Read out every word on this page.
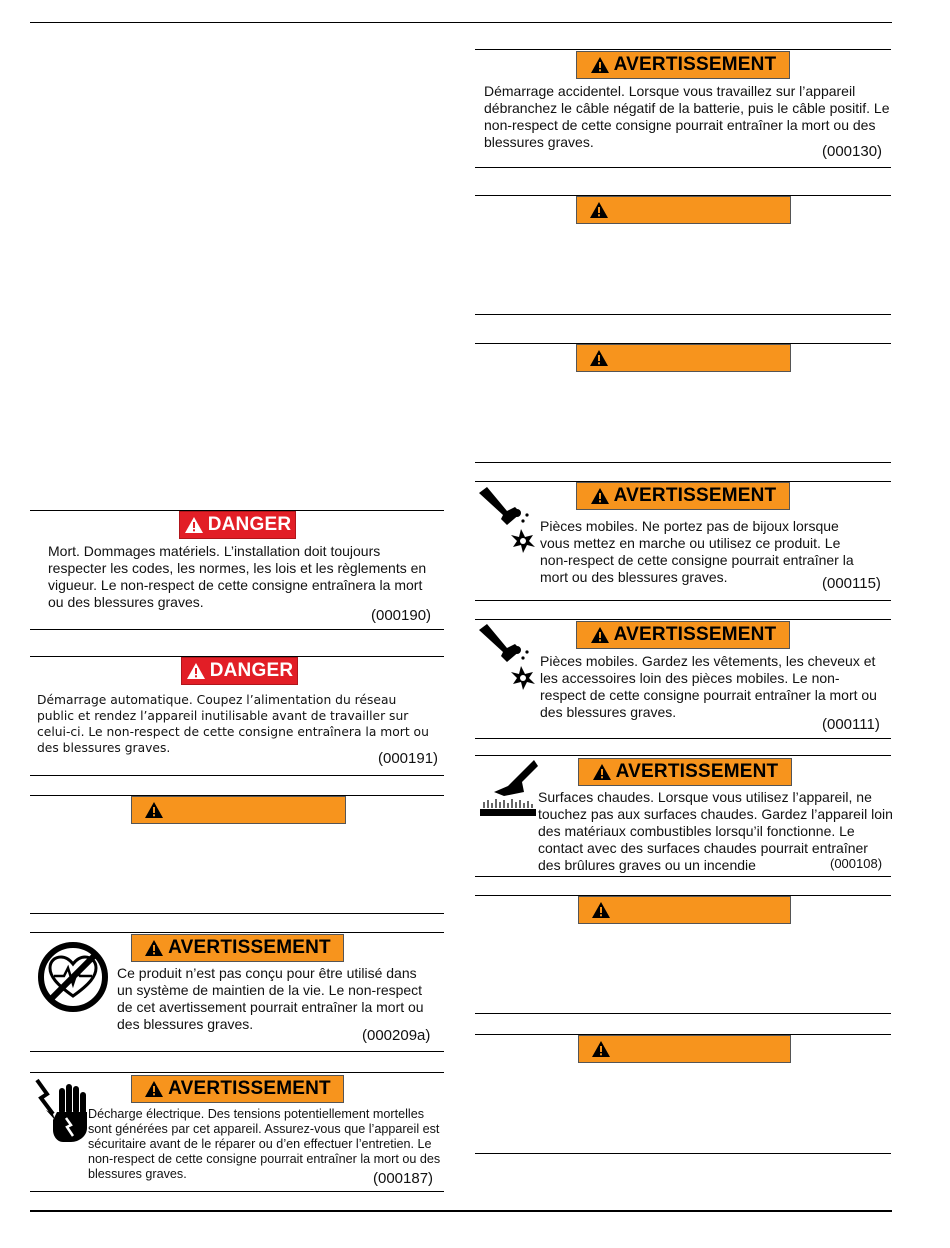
DANGER
Mort. Dommages matériels. L’installation doit toujours respecter les codes, les normes, les lois et les règlements en vigueur. Le non-respect de cette consigne entraînera la mort ou des blessures graves.
(000190)
DANGER
Démarrage automatique. Coupez l’alimentation du réseau public et rendez l’appareil inutilisable avant de travailler sur celui-ci. Le non-respect de cette consigne entraînera la mort ou des blessures graves.
(000191)
AVERTISSEMENT
Ce produit n’est pas conçu pour être utilisé dans un système de maintien de la vie. Le non-respect de cet avertissement pourrait entraîner la mort ou des blessures graves.
(000209a)
AVERTISSEMENT
Décharge électrique. Des tensions potentiellement mortelles sont générées par cet appareil. Assurez-vous que l’appareil est sécuritaire avant de le réparer ou d’en effectuer l’entretien. Le non-respect de cette consigne pourrait entraîner la mort ou des blessures graves.	(000187)
AVERTISSEMENT
Démarrage accidentel. Lorsque vous travaillez sur l’appareil débranchez le câble négatif de la batterie, puis le câble positif. Le non-respect de cette consigne pourrait entraîner la mort ou des blessures graves.
(000130)
AVERTISSEMENT
Pièces mobiles. Ne portez pas de bijoux lorsque vous mettez en marche ou utilisez ce produit. Le non-respect de cette consigne pourrait entraîner la mort ou des blessures graves.	(000115)
AVERTISSEMENT
Pièces mobiles. Gardez les vêtements, les cheveux et les accessoires loin des pièces mobiles. Le non-respect de cette consigne pourrait entraîner la mort ou des blessures graves.
(000111)
AVERTISSEMENT
Surfaces chaudes. Lorsque vous utilisez l’appareil, ne touchez pas aux surfaces chaudes. Gardez l’appareil loin des matériaux combustibles lorsqu’il fonctionne. Le contact avec des surfaces chaudes pourrait entraîner des brûlures graves ou un incendie	(000108)
